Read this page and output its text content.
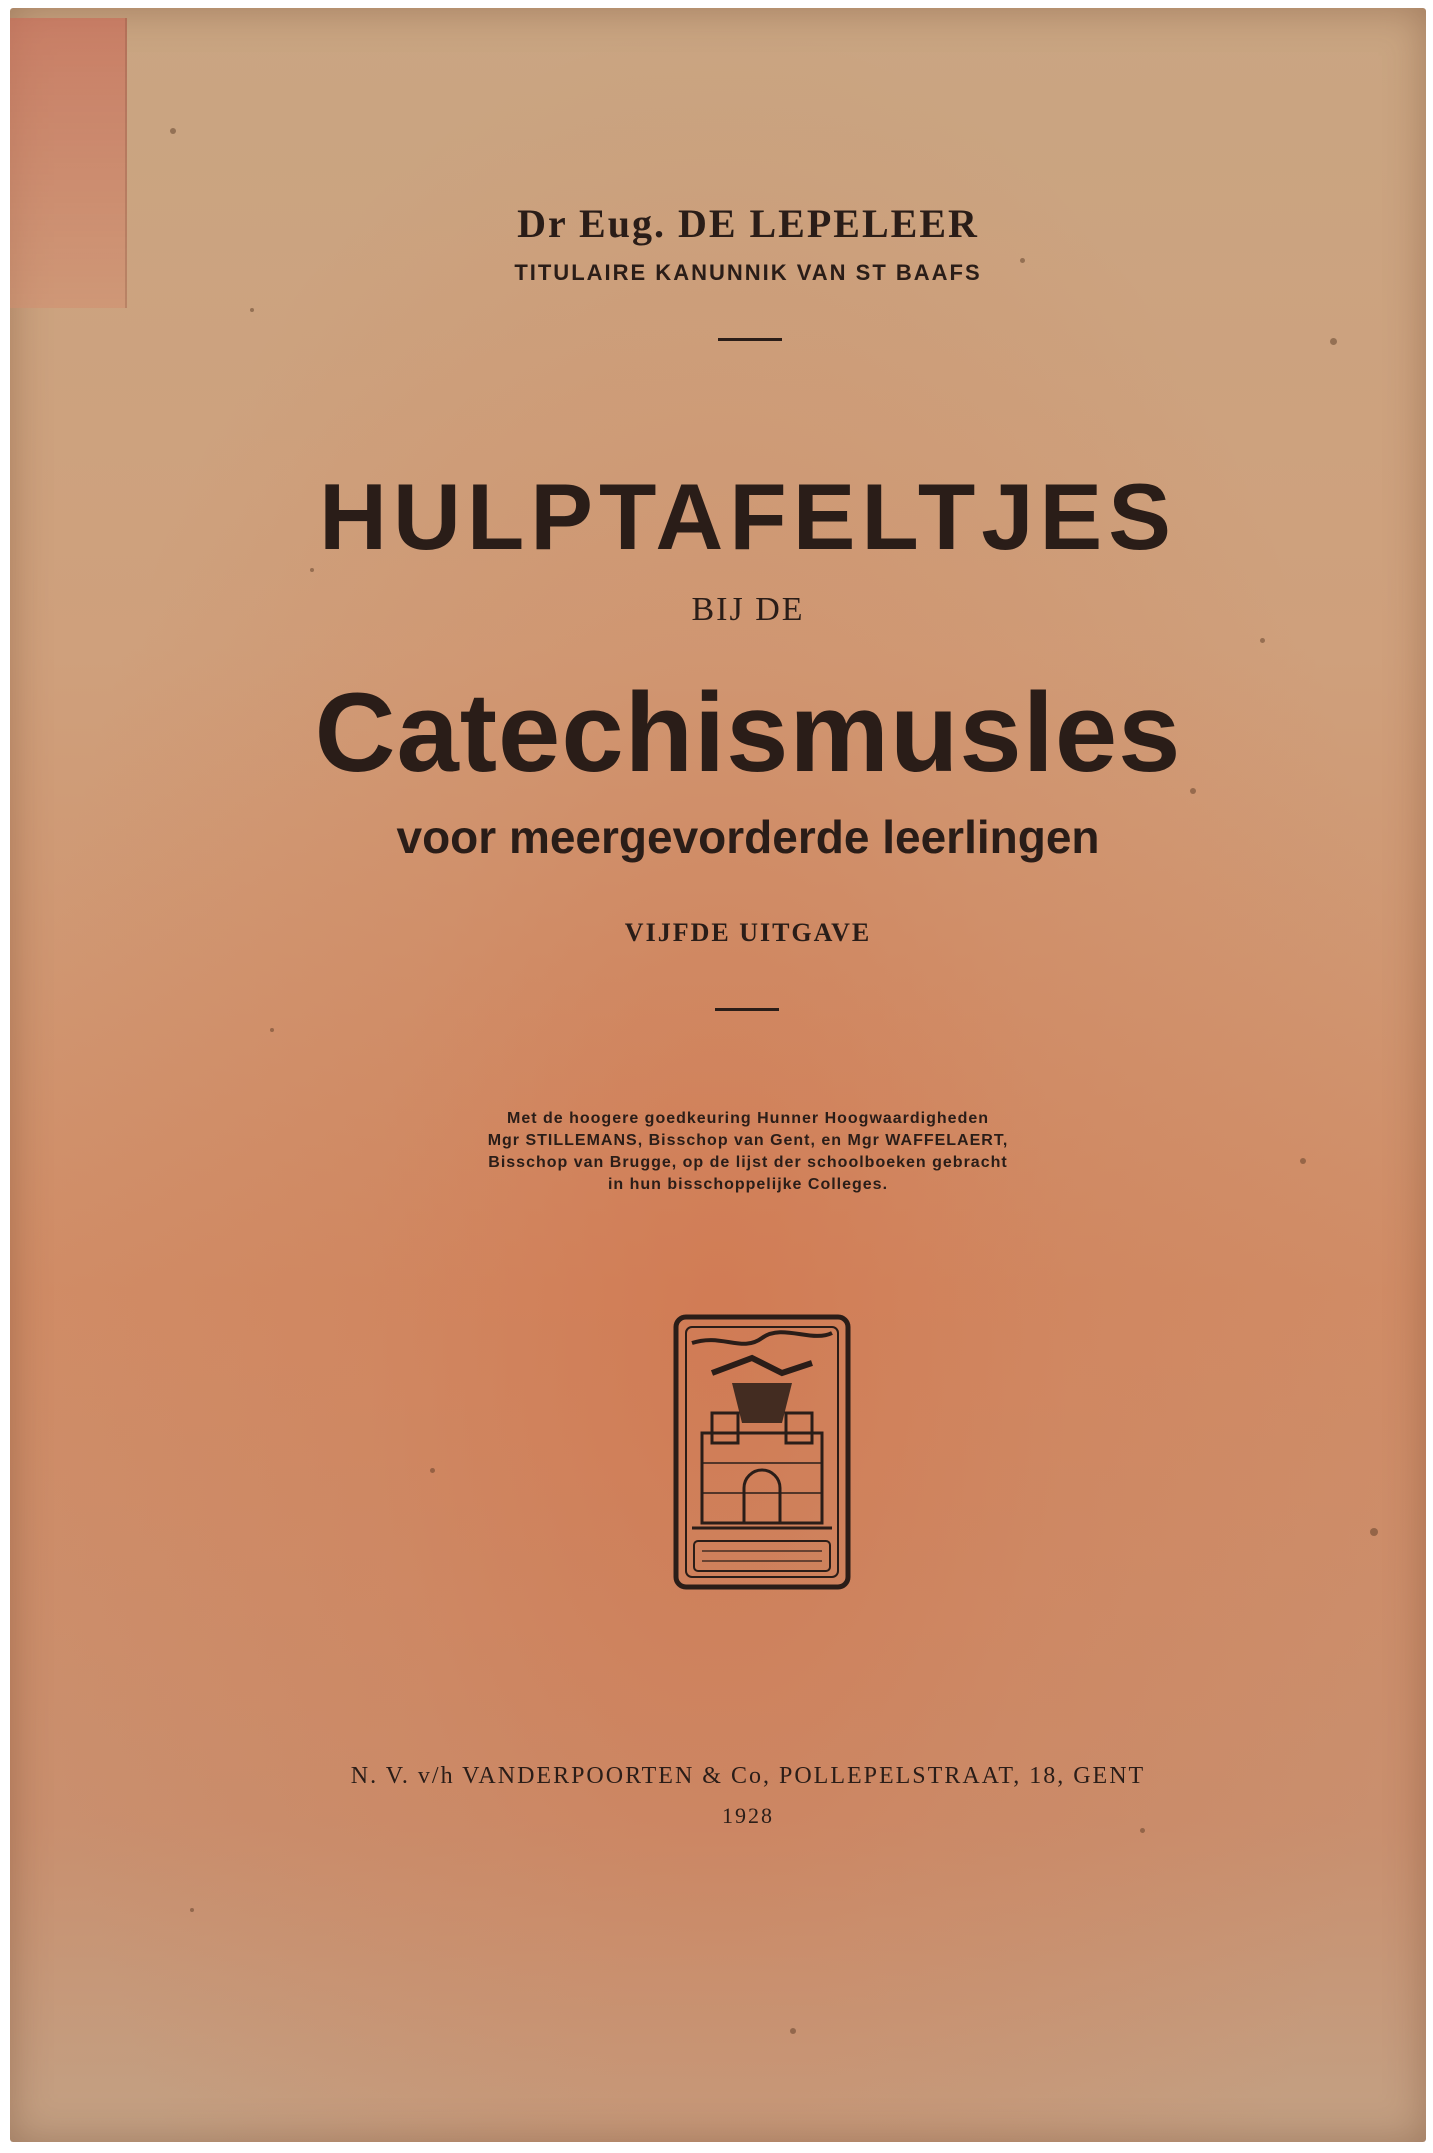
Dr Eug. DE LEPELEER
TITULAIRE KANUNNIK VAN ST BAAFS
HULPTAFELTJES
BIJ DE
Catechismusles
voor meergevorderde leerlingen
VIJFDE UITGAVE
Met de hoogere goedkeuring Hunner Hoogwaardigheden
Mgr STILLEMANS, Bisschop van Gent, en Mgr WAFFELAERT,
Bisschop van Brugge, op de lijst der schoolboeken gebracht
in hun bisschoppelijke Colleges.
N. V. v/h VANDERPOORTEN & Co, POLLEPELSTRAAT, 18, GENT
1928
